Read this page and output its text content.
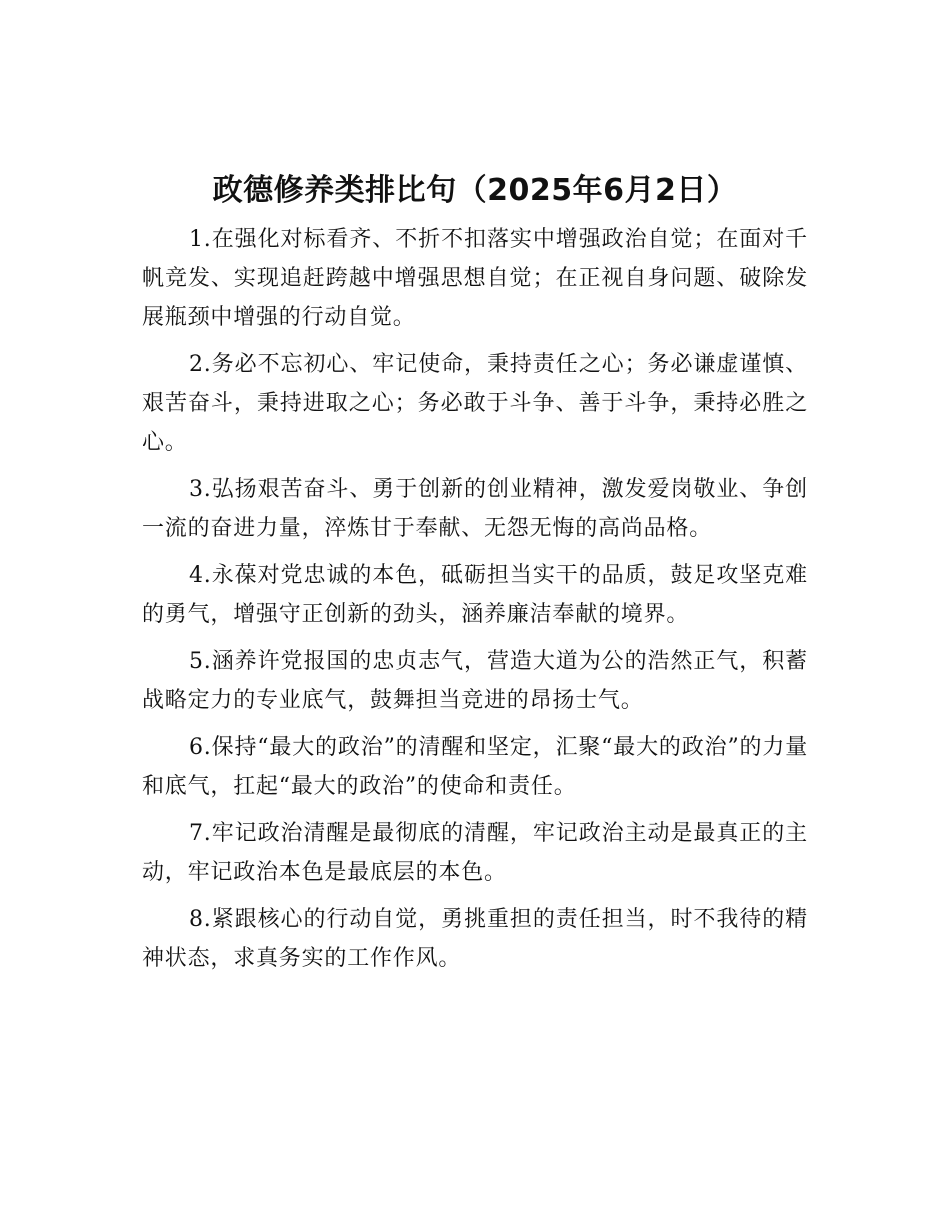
政德修养类排比句（2025年6月2日）

1.在强化对标看齐、不折不扣落实中增强政治自觉；在面对千帆竞发、实现追赶跨越中增强思想自觉；在正视自身问题、破除发展瓶颈中增强的行动自觉。

2.务必不忘初心、牢记使命，秉持责任之心；务必谦虚谨慎、艰苦奋斗，秉持进取之心；务必敢于斗争、善于斗争，秉持必胜之心。

3.弘扬艰苦奋斗、勇于创新的创业精神，激发爱岗敬业、争创一流的奋进力量，淬炼甘于奉献、无怨无悔的高尚品格。

4.永葆对党忠诚的本色，砥砺担当实干的品质，鼓足攻坚克难的勇气，增强守正创新的劲头，涵养廉洁奉献的境界。

5.涵养许党报国的忠贞志气，营造大道为公的浩然正气，积蓄战略定力的专业底气，鼓舞担当竞进的昂扬士气。

6.保持“最大的政治”的清醒和坚定，汇聚“最大的政治”的力量和底气，扛起“最大的政治”的使命和责任。

7.牢记政治清醒是最彻底的清醒，牢记政治主动是最真正的主动，牢记政治本色是最底层的本色。

8.紧跟核心的行动自觉，勇挑重担的责任担当，时不我待的精神状态，求真务实的工作作风。
